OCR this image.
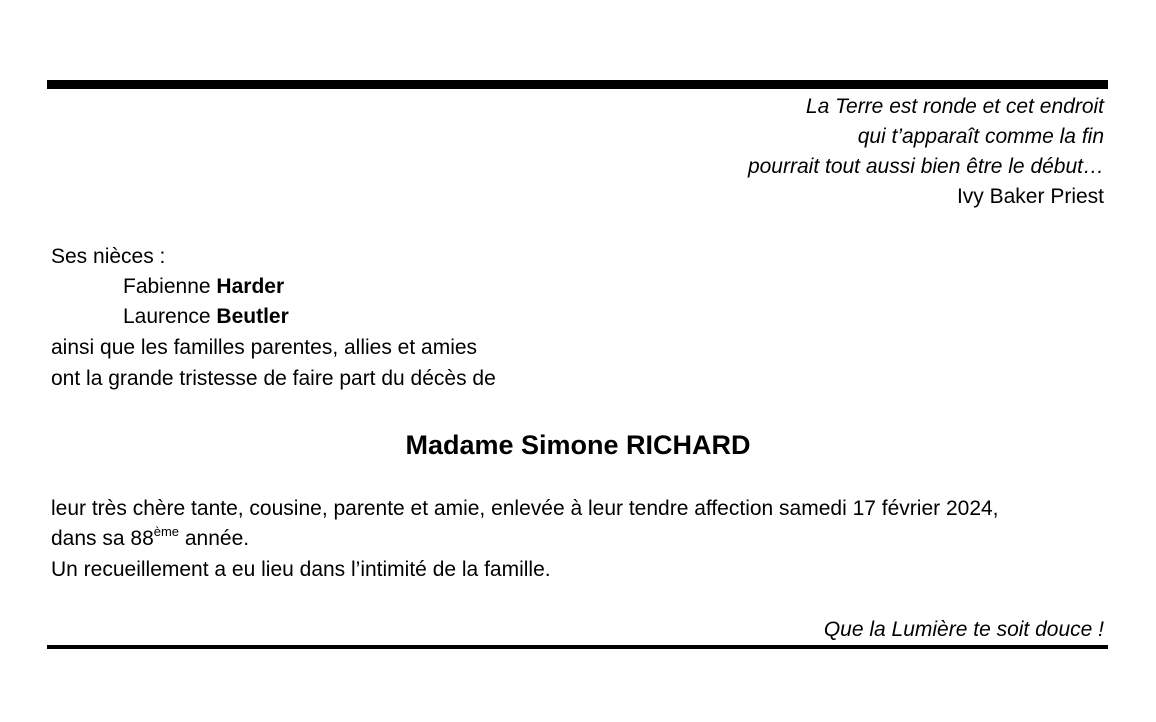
La Terre est ronde et cet endroit
qui t’apparaît comme la fin
pourrait tout aussi bien être le début…
Ivy Baker Priest
Ses nièces :
Fabienne Harder
Laurence Beutler
ainsi que les familles parentes, allies et amies
ont la grande tristesse de faire part du décès de
Madame Simone RICHARD
leur très chère tante, cousine, parente et amie, enlevée à leur tendre affection samedi 17 février 2024,
dans sa 88ème année.
Un recueillement a eu lieu dans l’intimité de la famille.
Que la Lumière te soit douce !
